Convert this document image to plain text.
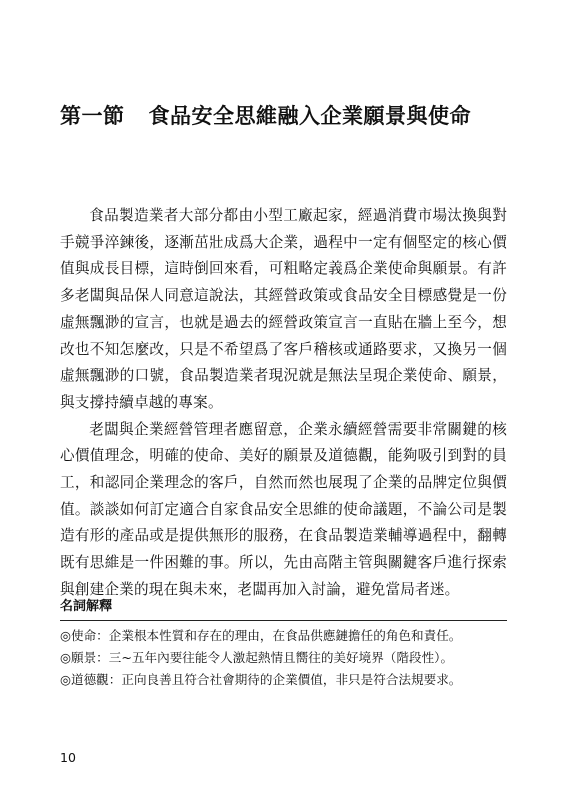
第一節 食品安全思維融入企業願景與使命

食品製造業者大部分都由小型工廠起家，經過消費市場汰換與對手競爭淬鍊後，逐漸茁壯成爲大企業，過程中一定有個堅定的核心價值與成長目標，這時倒回來看，可粗略定義爲企業使命與願景。有許多老闆與品保人同意這說法，其經營政策或食品安全目標感覺是一份虛無飄渺的宣言，也就是過去的經營政策宣言一直貼在牆上至今，想改也不知怎麼改，只是不希望爲了客戶稽核或通路要求，又換另一個虛無飄渺的口號，食品製造業者現況就是無法呈現企業使命、願景，與支撐持續卓越的專案。

老闆與企業經營管理者應留意，企業永續經營需要非常關鍵的核心價值理念，明確的使命、美好的願景及道德觀，能夠吸引到對的員工，和認同企業理念的客戶，自然而然也展現了企業的品牌定位與價值。談談如何訂定適合自家食品安全思維的使命議題，不論公司是製造有形的產品或是提供無形的服務，在食品製造業輔導過程中，翻轉既有思維是一件困難的事。所以，先由高階主管與關鍵客戶進行探索與創建企業的現在與未來，老闆再加入討論，避免當局者迷。

名詞解釋
◎使命：企業根本性質和存在的理由，在食品供應鏈擔任的角色和責任。
◎願景：三~五年內要往能令人激起熱情且嚮往的美好境界（階段性）。
◎道德觀：正向良善且符合社會期待的企業價值，非只是符合法規要求。
10
